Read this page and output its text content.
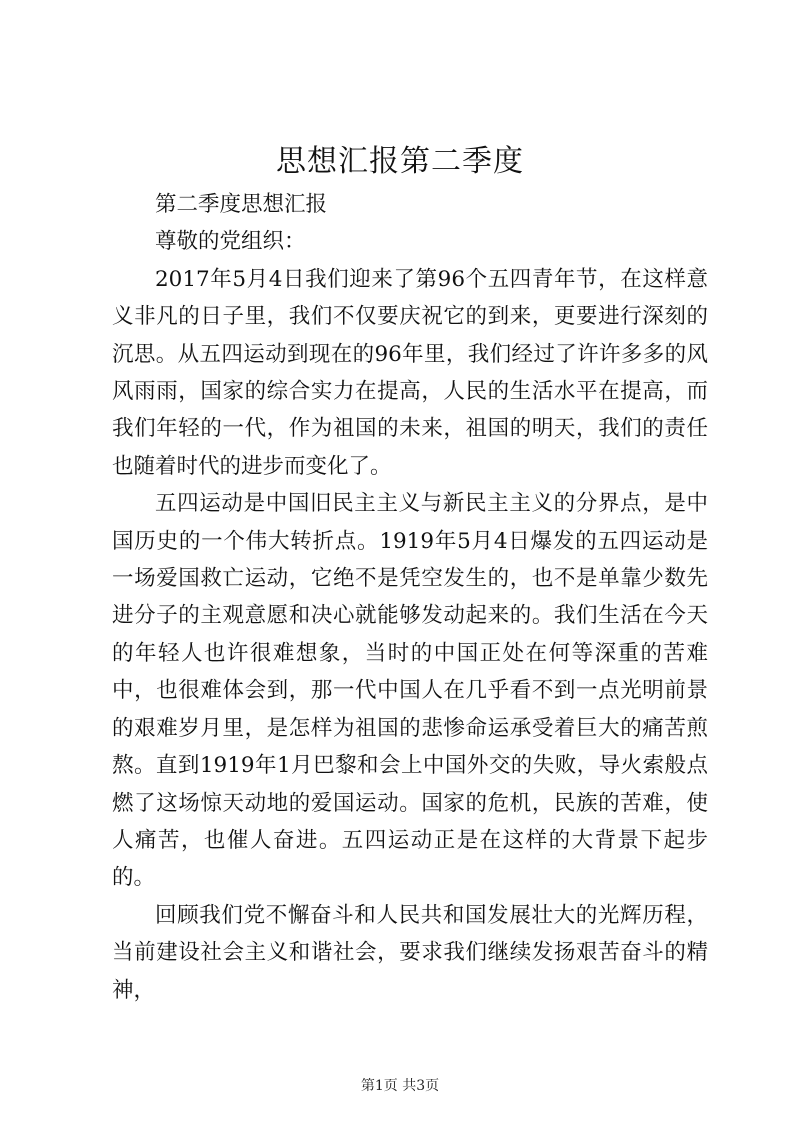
思想汇报第二季度

第二季度思想汇报

尊敬的党组织：

2017年5月4日我们迎来了第96个五四青年节，在这样意义非凡的日子里，我们不仅要庆祝它的到来，更要进行深刻的沉思。从五四运动到现在的96年里，我们经过了许许多多的风风雨雨，国家的综合实力在提高，人民的生活水平在提高，而我们年轻的一代，作为祖国的未来，祖国的明天，我们的责任也随着时代的进步而变化了。

五四运动是中国旧民主主义与新民主主义的分界点，是中国历史的一个伟大转折点。1919年5月4日爆发的五四运动是一场爱国救亡运动，它绝不是凭空发生的，也不是单靠少数先进分子的主观意愿和决心就能够发动起来的。我们生活在今天的年轻人也许很难想象，当时的中国正处在何等深重的苦难中，也很难体会到，那一代中国人在几乎看不到一点光明前景的艰难岁月里，是怎样为祖国的悲惨命运承受着巨大的痛苦煎熬。直到1919年1月巴黎和会上中国外交的失败，导火索般点燃了这场惊天动地的爱国运动。国家的危机，民族的苦难，使人痛苦，也催人奋进。五四运动正是在这样的大背景下起步的。

回顾我们党不懈奋斗和人民共和国发展壮大的光辉历程，当前建设社会主义和谐社会，要求我们继续发扬艰苦奋斗的精神，

第1页 共3页
